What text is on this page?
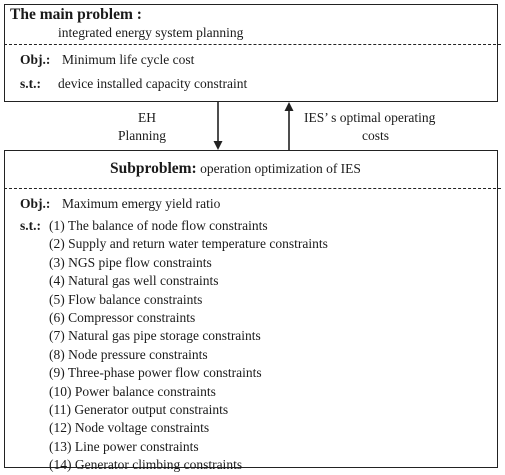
The main problem :
integrated energy system planning
Obj.: Minimum life cycle cost
s.t.: device installed capacity constraint
EH
Planning
IES’ s optimal operating
costs
Subproblem: operation optimization of IES
Obj.: Maximum emergy yield ratio
s.t.: (1) The balance of node flow constraints
(2) Supply and return water temperature constraints
(3) NGS pipe flow constraints
(4) Natural gas well constraints
(5) Flow balance constraints
(6) Compressor constraints
(7) Natural gas pipe storage constraints
(8) Node pressure constraints
(9) Three-phase power flow constraints
(10) Power balance constraints
(11) Generator output constraints
(12) Node voltage constraints
(13) Line power constraints
(14) Generator climbing constraints
